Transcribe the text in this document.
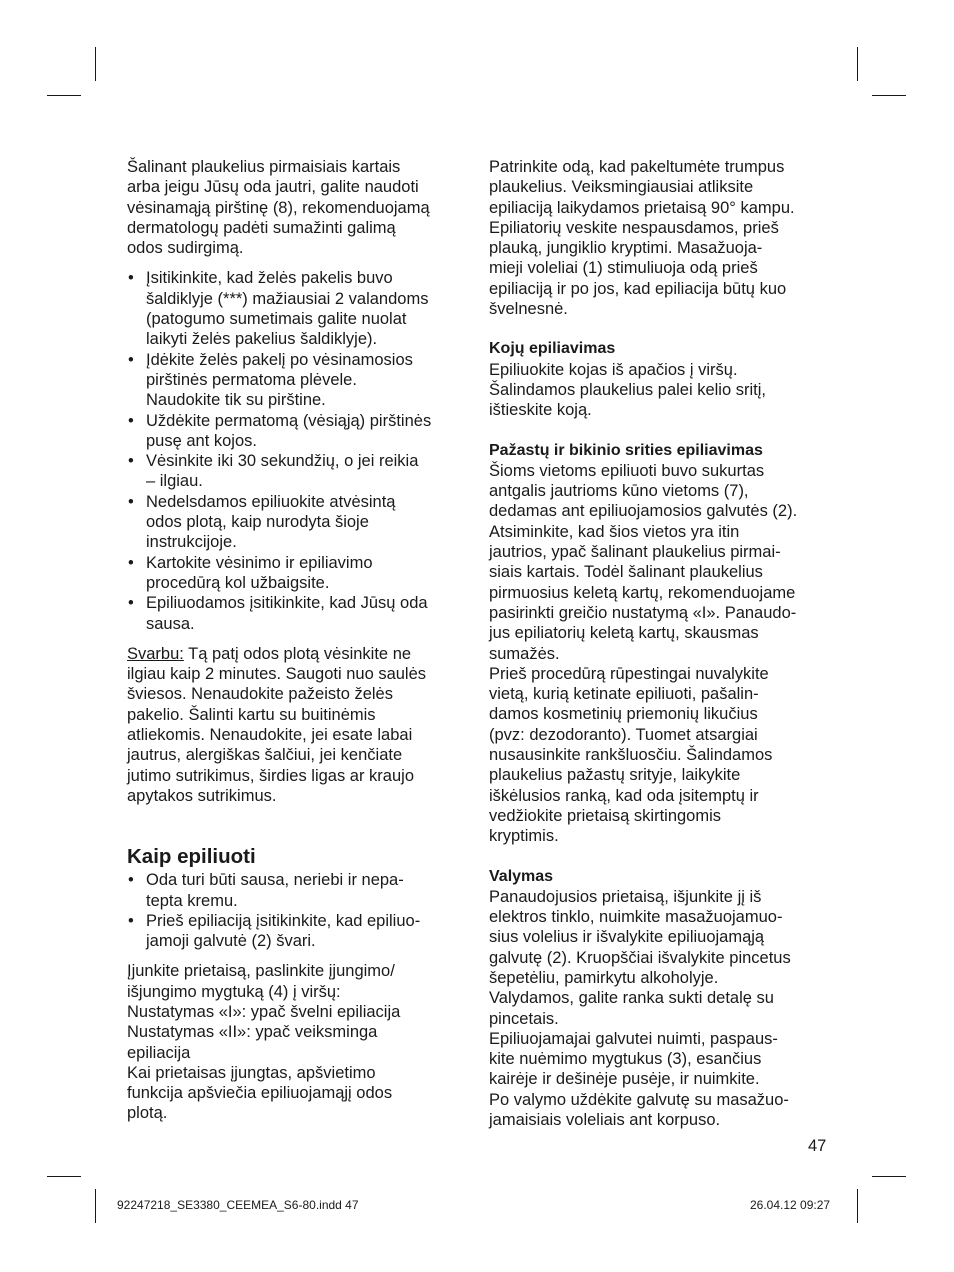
Šalinant plaukelius pirmaisiais kartais
arba jeigu Jūsų oda jautri, galite naudoti
vėsinamąją pirštinę (8), rekomenduojamą
dermatologų padėti sumažinti galimą
odos sudirgimą.

• Įsitikinkite, kad želės pakelis buvo
šaldiklyje (***) mažiausiai 2 valandoms
(patogumo sumetimais galite nuolat
laikyti želės pakelius šaldiklyje).
• Įdėkite želės pakelį po vėsinamosios
pirštinės permatoma plėvele.
Naudokite tik su pirštine.
• Uždėkite permatomą (vėsiąją) pirštinės
pusę ant kojos.
• Vėsinkite iki 30 sekundžių, o jei reikia
– ilgiau.
• Nedelsdamos epiliuokite atvėsintą
odos plotą, kaip nurodyta šioje
instrukcijoje.
• Kartokite vėsinimo ir epiliavimo
procedūrą kol užbaigsite.
• Epiliuodamos įsitikinkite, kad Jūsų oda
sausa.

Svarbu: Tą patį odos plotą vėsinkite ne
ilgiau kaip 2 minutes. Saugoti nuo saulės
šviesos. Nenaudokite pažeisto želės
pakelio. Šalinti kartu su buitinėmis
atliekomis. Nenaudokite, jei esate labai
jautrus, alergiškas šalčiui, jei kenčiate
jutimo sutrikimus, širdies ligas ar kraujo
apytakos sutrikimus.

Kaip epiliuoti
• Oda turi būti sausa, neriebi ir nepa-
tepta kremu.
• Prieš epiliaciją įsitikinkite, kad epiliuo-
jamoji galvutė (2) švari.

Įjunkite prietaisą, paslinkite įjungimo/
išjungimo mygtuką (4) į viršų:
Nustatymas «I»: ypač švelni epiliacija
Nustatymas «II»: ypač veiksminga
epiliacija
Kai prietaisas įjungtas, apšvietimo
funkcija apšviečia epiliuojamąjį odos
plotą.

Patrinkite odą, kad pakeltumėte trumpus
plaukelius. Veiksmingiausiai atliksite
epiliaciją laikydamos prietaisą 90° kampu.
Epiliatorių veskite nespausdamos, prieš
plauką, jungiklio kryptimi. Masažuoja-
mieji voleliai (1) stimuliuoja odą prieš
epiliaciją ir po jos, kad epiliacija būtų kuo
švelnesnė.

Kojų epiliavimas

Epiliuokite kojas iš apačios į viršų.
Šalindamos plaukelius palei kelio sritį,
ištieskite koją.

Pažastų ir bikinio srities epiliavimas

Šioms vietoms epiliuoti buvo sukurtas
antgalis jautrioms kūno vietoms (7),
dedamas ant epiliuojamosios galvutės (2).
Atsiminkite, kad šios vietos yra itin
jautrios, ypač šalinant plaukelius pirmai-
siais kartais. Todėl šalinant plaukelius
pirmuosius keletą kartų, rekomenduojame
pasirinkti greičio nustatymą «I». Panaudo-
jus epiliatorių keletą kartų, skausmas
sumažės.
Prieš procedūrą rūpestingai nuvalykite
vietą, kurią ketinate epiliuoti, pašalin-
damos kosmetinių priemonių likučius
(pvz: dezodoranto). Tuomet atsargiai
nusausinkite rankšluosčiu. Šalindamos
plaukelius pažastų srityje, laikykite
iškėlusios ranką, kad oda įsitemptų ir
vedžiokite prietaisą skirtingomis
kryptimis.

Valymas

Panaudojusios prietaisą, išjunkite jį iš
elektros tinklo, nuimkite masažuojamuo-
sius volelius ir išvalykite epiliuojamąją
galvutę (2). Kruopščiai išvalykite pincetus
šepetėliu, pamirkytu alkoholyje.
Valydamos, galite ranka sukti detalę su
pincetais.
Epiliuojamajai galvutei nuimti, paspaus-
kite nuėmimo mygtukus (3), esančius
kairėje ir dešinėje pusėje, ir nuimkite.
Po valymo uždėkite galvutę su masažuo-
jamaisiais voleliais ant korpuso.

47
92247218_SE3380_CEEMEA_S6-80.indd 47	26.04.12 09:27
